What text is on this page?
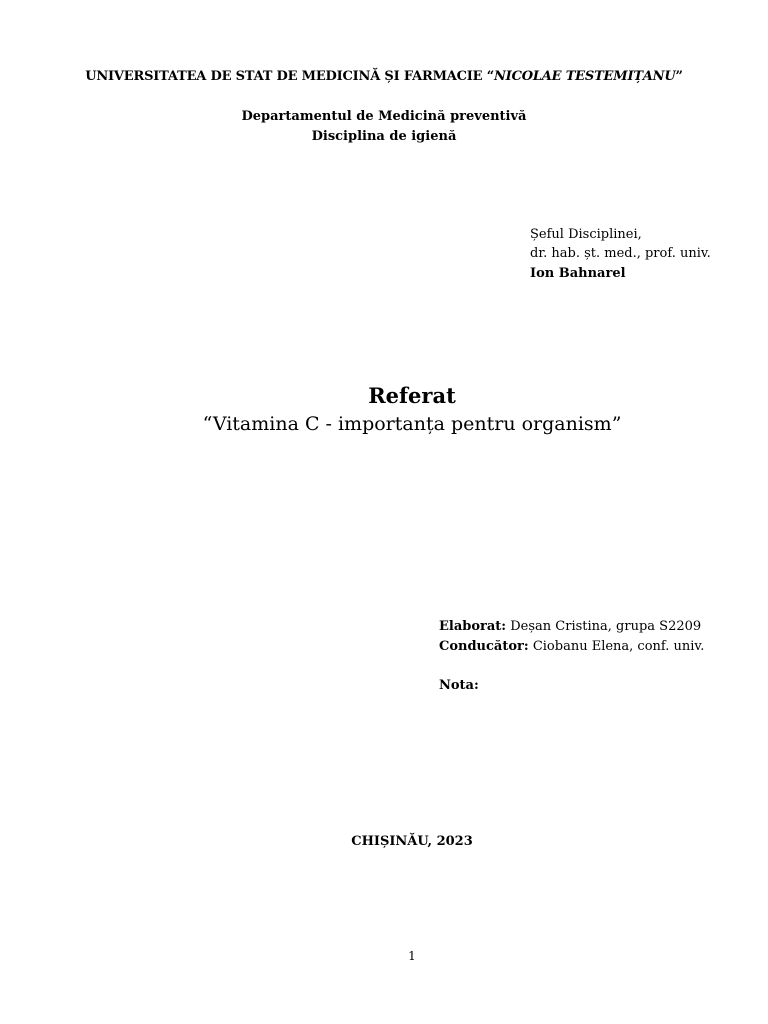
UNIVERSITATEA DE STAT DE MEDICINĂ ȘI FARMACIE “NICOLAE TESTEMIȚANU”
Departamentul de Medicină preventivă
Disciplina de igienă
Șeful Disciplinei,
dr. hab. șt. med., prof. univ.
Ion Bahnarel
Referat
“Vitamina C - importanța pentru organism”
Elaborat: Deșan Cristina, grupa S2209
Conducător: Ciobanu Elena, conf. univ.
Nota:
CHIȘINĂU, 2023
1
